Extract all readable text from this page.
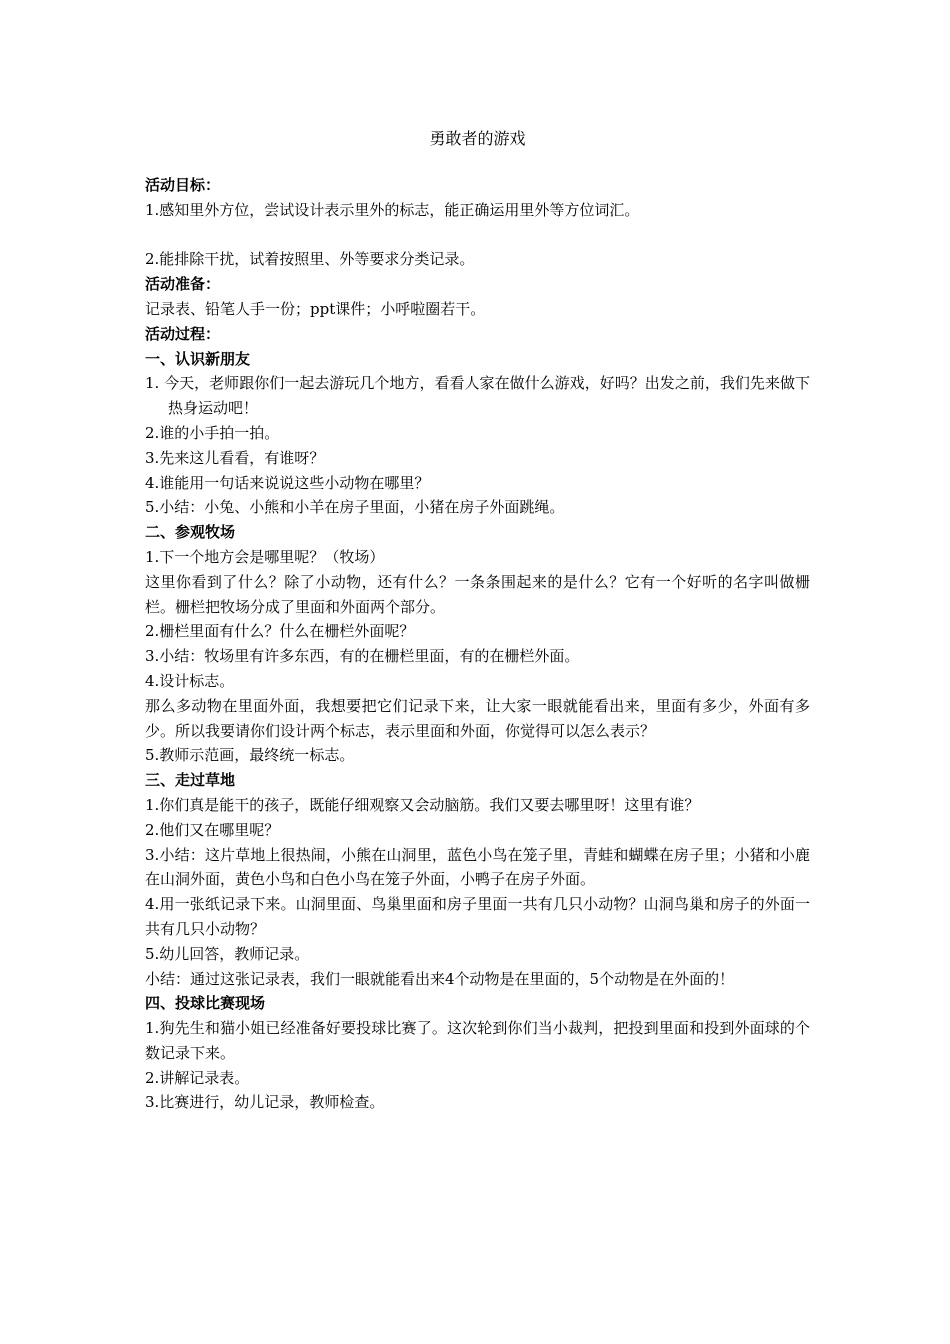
勇敢者的游戏
活动目标：
1.感知里外方位，尝试设计表示里外的标志，能正确运用里外等方位词汇。
2.能排除干扰，试着按照里、外等要求分类记录。
活动准备：
记录表、铅笔人手一份；ppt课件；小呼啦圈若干。
活动过程：
一、认识新朋友
1. 今天，老师跟你们一起去游玩几个地方，看看人家在做什么游戏，好吗？出发之前，我们先来做下热身运动吧！
2.谁的小手拍一拍。
3.先来这儿看看，有谁呀？
4.谁能用一句话来说说这些小动物在哪里？
5.小结：小兔、小熊和小羊在房子里面，小猪在房子外面跳绳。
二、参观牧场
1.下一个地方会是哪里呢？（牧场）
这里你看到了什么？除了小动物，还有什么？一条条围起来的是什么？它有一个好听的名字叫做栅栏。栅栏把牧场分成了里面和外面两个部分。
2.栅栏里面有什么？什么在栅栏外面呢？
3.小结：牧场里有许多东西，有的在栅栏里面，有的在栅栏外面。
4.设计标志。
那么多动物在里面外面，我想要把它们记录下来，让大家一眼就能看出来，里面有多少，外面有多少。所以我要请你们设计两个标志，表示里面和外面，你觉得可以怎么表示？
5.教师示范画，最终统一标志。
三、走过草地
1.你们真是能干的孩子，既能仔细观察又会动脑筋。我们又要去哪里呀！这里有谁？
2.他们又在哪里呢？
3.小结：这片草地上很热闹，小熊在山洞里，蓝色小鸟在笼子里，青蛙和蝴蝶在房子里；小猪和小鹿在山洞外面，黄色小鸟和白色小鸟在笼子外面，小鸭子在房子外面。
4.用一张纸记录下来。山洞里面、鸟巢里面和房子里面一共有几只小动物？山洞鸟巢和房子的外面一共有几只小动物？
5.幼儿回答，教师记录。
小结：通过这张记录表，我们一眼就能看出来4个动物是在里面的，5个动物是在外面的！
四、投球比赛现场
1.狗先生和猫小姐已经准备好要投球比赛了。这次轮到你们当小裁判，把投到里面和投到外面球的个数记录下来。
2.讲解记录表。
3.比赛进行，幼儿记录，教师检查。
